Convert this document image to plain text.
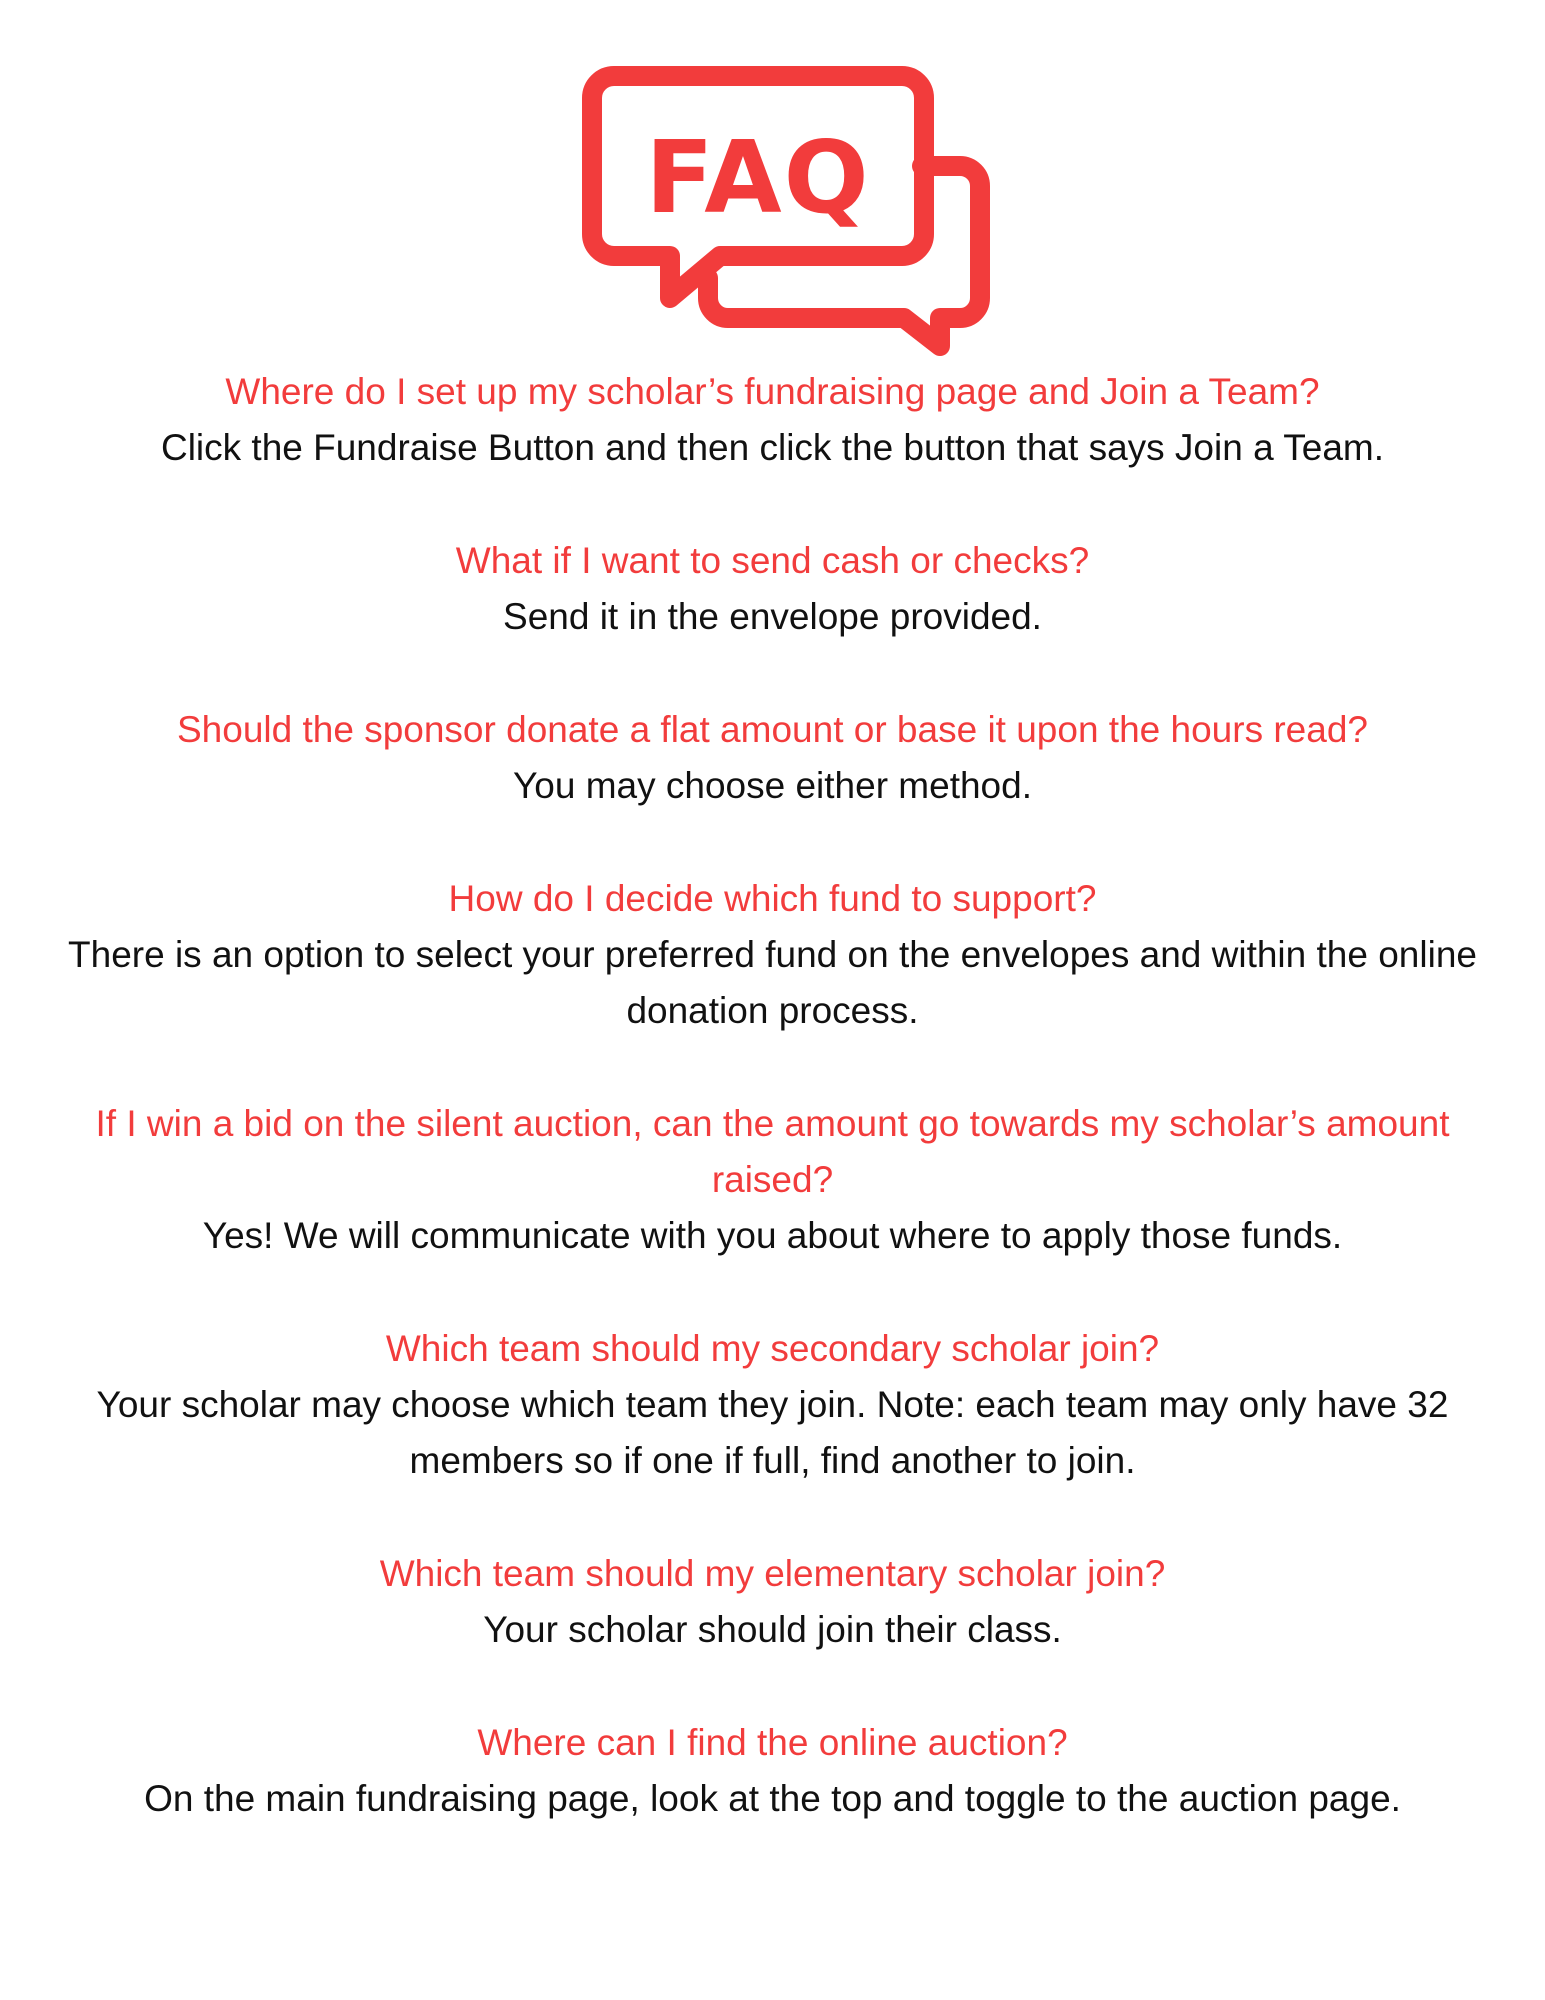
FAQ

Where do I set up my scholar’s fundraising page and Join a Team?

Click the Fundraise Button and then click the button that says Join a Team.

What if I want to send cash or checks?

Send it in the envelope provided.

Should the sponsor donate a flat amount or base it upon the hours read?

You may choose either method.

How do I decide which fund to support?

There is an option to select your preferred fund on the envelopes and within the online donation process.

If I win a bid on the silent auction, can the amount go towards my scholar’s amount raised?

Yes! We will communicate with you about where to apply those funds.

Which team should my secondary scholar join?

Your scholar may choose which team they join. Note: each team may only have 32 members so if one if full, find another to join.

Which team should my elementary scholar join?

Your scholar should join their class.

Where can I find the online auction?

On the main fundraising page, look at the top and toggle to the auction page.
